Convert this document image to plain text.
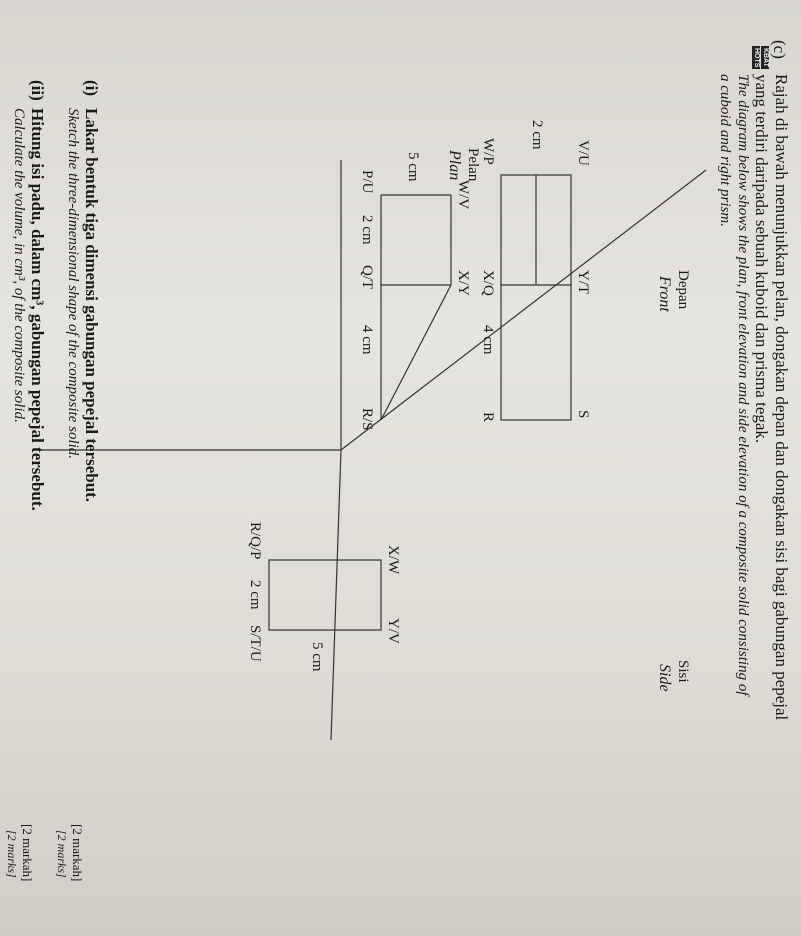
(c)
KBAT
HOTS
Rajah di bawah menunjukkan pelan, dongakan depan dan dongakan sisi bagi gabungan pepejal
yang terdiri daripada sebuah kuboid dan prisma tegak.
The diagram below shows the plan, front elevation and side elevation of a composite solid consisting of
a cuboid and right prism.
Depan
Front
W/V
X/Y
5 cm
P/U
2 cm
Q/T
4 cm
R/S
Sisi
Side
X/W
Y/V
5 cm
R/Q/P
2 cm
S/T/U
V/U
Y/T
S
2 cm
W/P
X/Q
4 cm
R
Pelan
Plan
(i)
Lakar bentuk tiga dimensi gabungan pepejal tersebut.
Sketch the three-dimensional shape of the composite solid.
[2 markah]
[2 marks]
(ii)
Hitung isi padu, dalam cm³, gabungan pepejal tersebut.
Calculate the volume, in cm³, of the composite solid.
[2 markah]
[2 marks]
